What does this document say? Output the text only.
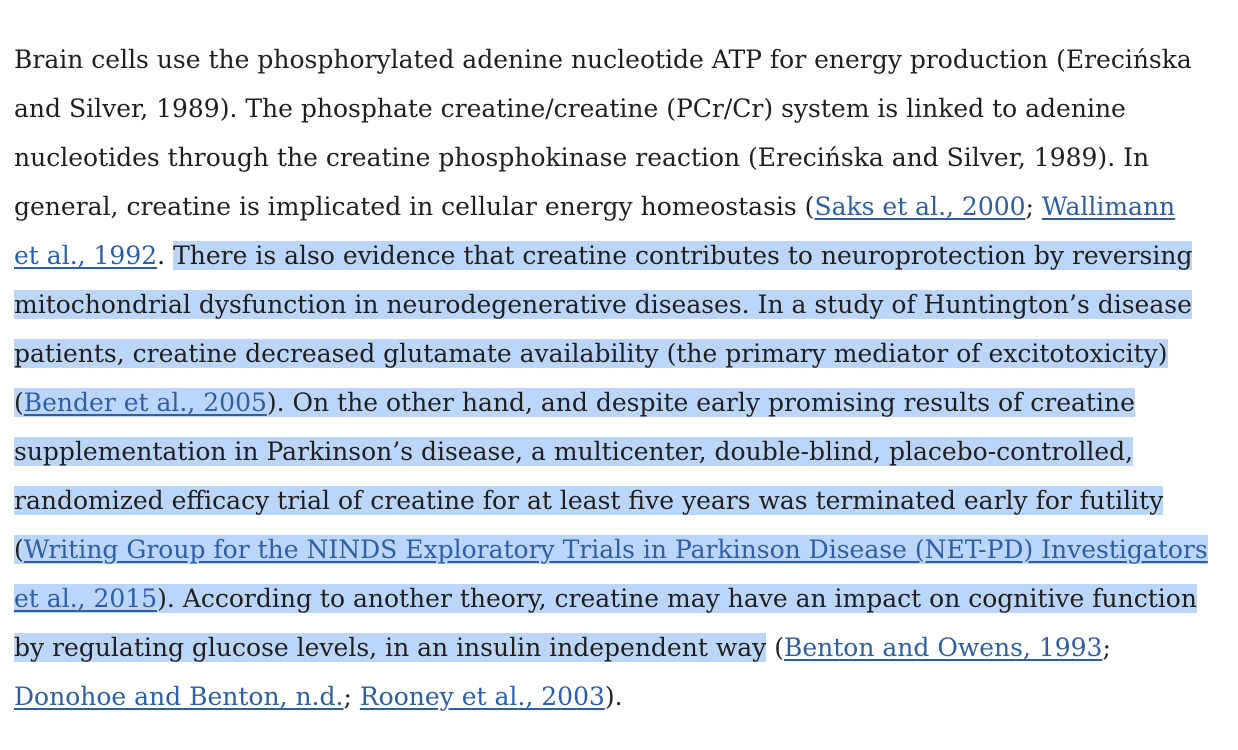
Brain cells use the phosphorylated adenine nucleotide ATP for energy production (Erecińska
and Silver, 1989). The phosphate creatine/creatine (PCr/Cr) system is linked to adenine
nucleotides through the creatine phosphokinase reaction (Erecińska and Silver, 1989). In
general, creatine is implicated in cellular energy homeostasis (Saks et al., 2000; Wallimann
et al., 1992. There is also evidence that creatine contributes to neuroprotection by reversing
mitochondrial dysfunction in neurodegenerative diseases. In a study of Huntington’s disease
patients, creatine decreased glutamate availability (the primary mediator of excitotoxicity)
(Bender et al., 2005). On the other hand, and despite early promising results of creatine
supplementation in Parkinson’s disease, a multicenter, double-blind, placebo-controlled,
randomized efficacy trial of creatine for at least five years was terminated early for futility
(Writing Group for the NINDS Exploratory Trials in Parkinson Disease (NET-PD) Investigators
et al., 2015). According to another theory, creatine may have an impact on cognitive function
by regulating glucose levels, in an insulin independent way (Benton and Owens, 1993;
Donohoe and Benton, n.d.; Rooney et al., 2003).
